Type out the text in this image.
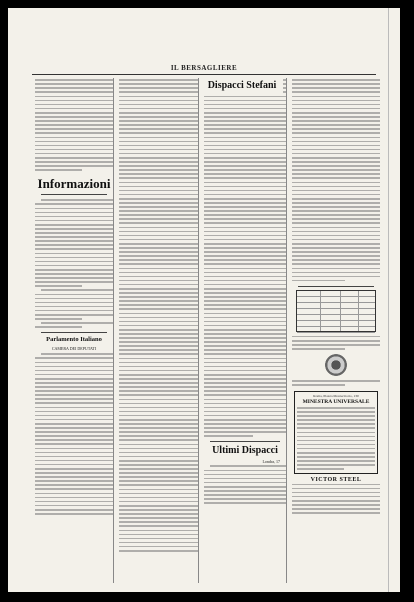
IL BERSAGLIERE
Informazioni
Parlamento Italiano
CAMERA DEI DEPUTATI
Ultimi Dispacci
Londra, 17
Dispacci Stefani
Roma, Piazza Montecitorio, 130
MINESTRA UNIVERSALE
VICTOR STEEL
